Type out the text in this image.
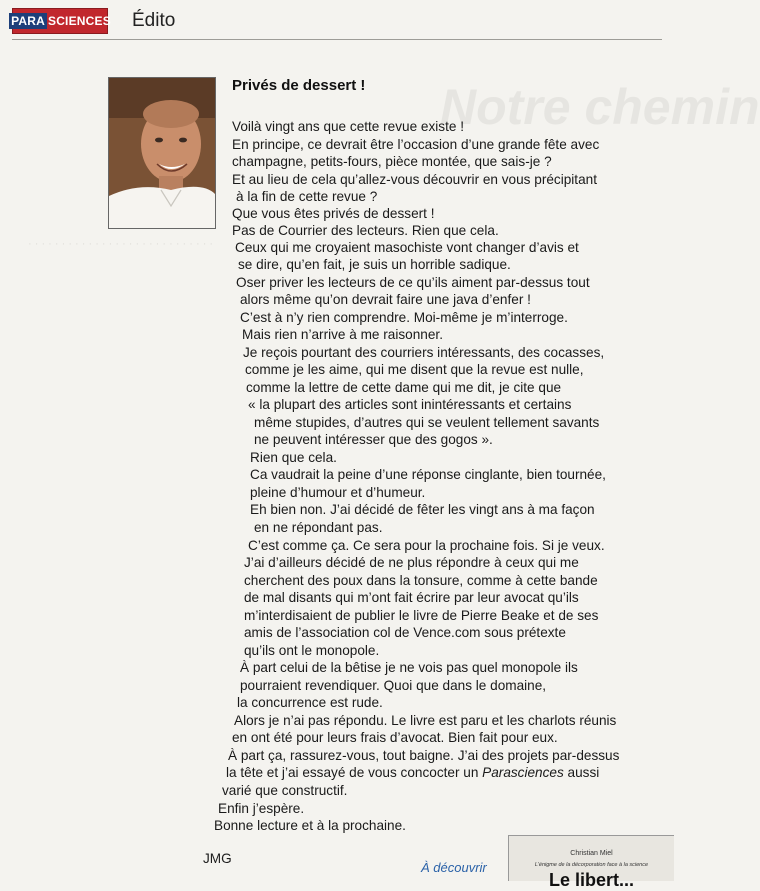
Notre chemin
· · · · · · · · · · · · · · · · · · · · · · · · · · · ·
PARA SCIENCES Édito
Privés de dessert !
Voilà vingt ans que cette revue existe !
En principe, ce devrait être l’occasion d’une grande fête avec
champagne, petits-fours, pièce montée, que sais-je ?
Et au lieu de cela qu’allez-vous découvrir en vous précipitant
à la fin de cette revue ?
Que vous êtes privés de dessert !
Pas de Courrier des lecteurs. Rien que cela.
Ceux qui me croyaient masochiste vont changer d’avis et
se dire, qu’en fait, je suis un horrible sadique.
Oser priver les lecteurs de ce qu’ils aiment par-dessus tout
alors même qu’on devrait faire une java d’enfer !
C’est à n’y rien comprendre. Moi-même je m’interroge.
Mais rien n’arrive à me raisonner.
Je reçois pourtant des courriers intéressants, des cocasses,
comme je les aime, qui me disent que la revue est nulle,
comme la lettre de cette dame qui me dit, je cite que
« la plupart des articles sont inintéressants et certains
même stupides, d’autres qui se veulent tellement savants
ne peuvent intéresser que des gogos ».
Rien que cela.
Ca vaudrait la peine d’une réponse cinglante, bien tournée,
pleine d’humour et d’humeur.
Eh bien non. J’ai décidé de fêter les vingt ans à ma façon
en ne répondant pas.
C’est comme ça. Ce sera pour la prochaine fois. Si je veux.
J’ai d’ailleurs décidé de ne plus répondre à ceux qui me
cherchent des poux dans la tonsure, comme à cette bande
de mal disants qui m’ont fait écrire par leur avocat qu’ils
m’interdisaient de publier le livre de Pierre Beake et de ses
amis de l’association col de Vence.com sous prétexte
qu’ils ont le monopole.
À part celui de la bêtise je ne vois pas quel monopole ils
pourraient revendiquer. Quoi que dans le domaine,
la concurrence est rude.
Alors je n’ai pas répondu. Le livre est paru et les charlots réunis
en ont été pour leurs frais d’avocat. Bien fait pour eux.
À part ça, rassurez-vous, tout baigne. J’ai des projets par-dessus
la tête et j’ai essayé de vous concocter un Parasciences aussi
varié que constructif.
Enfin j’espère.
Bonne lecture et à la prochaine.
JMG
À découvrir
Christian Miel
L’énigme de la décorporation face à la science
Le libert...
